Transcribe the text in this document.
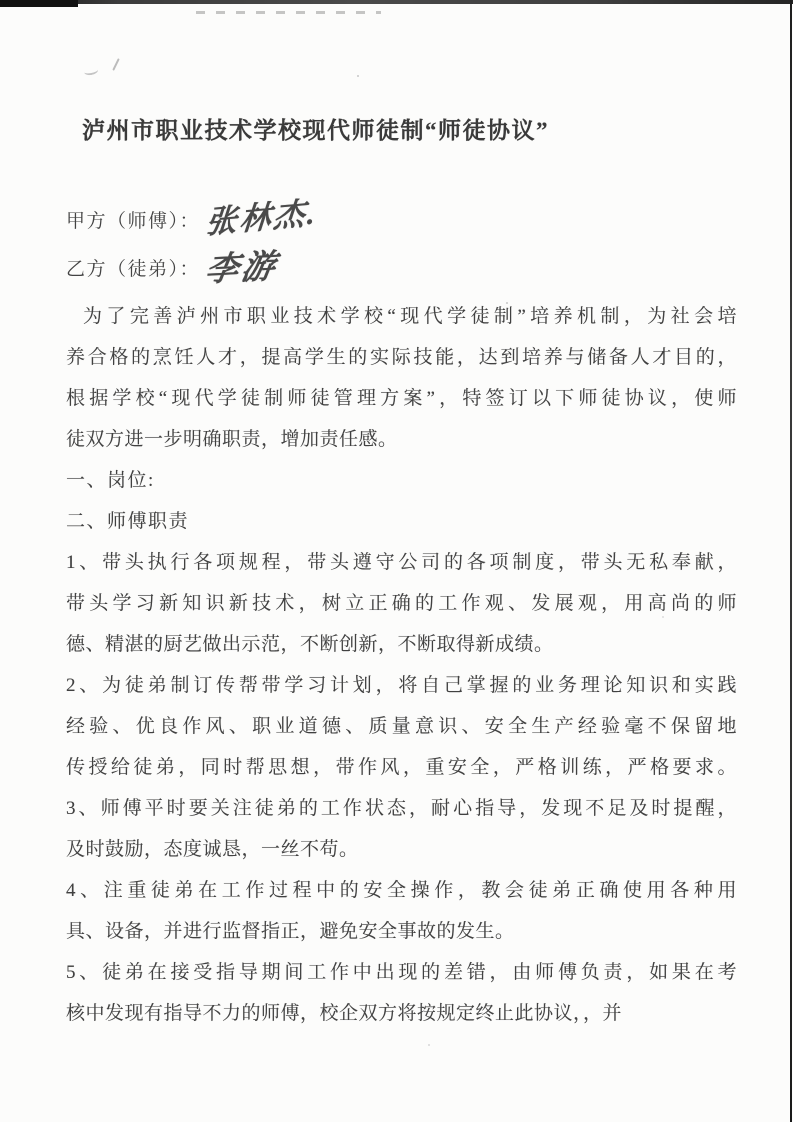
泸州市职业技术学校现代师徒制“师徒协议”
甲方（师傅）： 张林杰.
乙方（徒弟）： 李游

为了完善泸州市职业技术学校“现代学徒制”培养机制，为社会培

养合格的烹饪人才，提高学生的实际技能，达到培养与储备人才目的，

根据学校“现代学徒制师徒管理方案”，特签订以下师徒协议，使师

徒双方进一步明确职责，增加责任感。

一、岗位:

二、师傅职责

1、带头执行各项规程，带头遵守公司的各项制度，带头无私奉献，

带头学习新知识新技术，树立正确的工作观、发展观，用高尚的师

德、精湛的厨艺做出示范，不断创新，不断取得新成绩。

2、为徒弟制订传帮带学习计划，将自己掌握的业务理论知识和实践

经验、优良作风、职业道德、质量意识、安全生产经验毫不保留地

传授给徒弟，同时帮思想，带作风，重安全，严格训练，严格要求。

3、师傅平时要关注徒弟的工作状态，耐心指导，发现不足及时提醒，

及时鼓励，态度诚恳，一丝不苟。

4、注重徒弟在工作过程中的安全操作，教会徒弟正确使用各种用

具、设备，并进行监督指正，避免安全事故的发生。

5、徒弟在接受指导期间工作中出现的差错，由师傅负责，如果在考

核中发现有指导不力的师傅，校企双方将按规定终止此协议，，并
